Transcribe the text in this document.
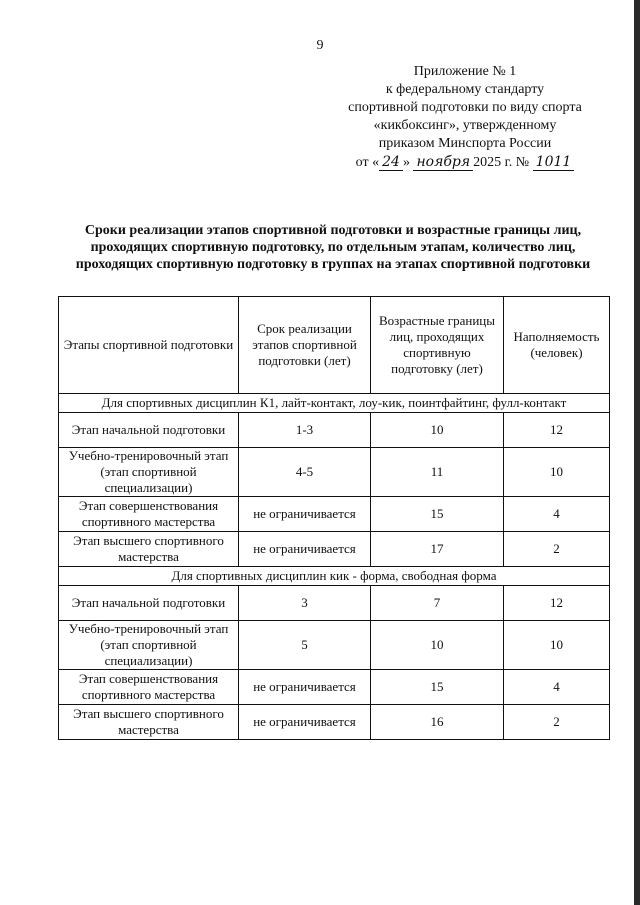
9
Приложение № 1
к федеральному стандарту
спортивной подготовки по виду спорта
«кикбоксинг», утвержденному
приказом Минспорта России
от « 24 » ноября 2025 г. № 1011
Сроки реализации этапов спортивной подготовки и возрастные границы лиц, проходящих спортивную подготовку, по отдельным этапам, количество лиц, проходящих спортивную подготовку в группах на этапах спортивной подготовки
Этапы спортивной подготовки	Срок реализации этапов спортивной подготовки (лет)	Возрастные границы лиц, проходящих спортивную подготовку (лет)	Наполняемость (человек)
Для спортивных дисциплин К1, лайт-контакт, лоу-кик, поинтфайтинг, фулл-контакт			
Этап начальной подготовки	1-3	10	12
Учебно-тренировочный этап (этап спортивной специализации)	4-5	11	10
Этап совершенствования спортивного мастерства	не ограничивается	15	4
Этап высшего спортивного мастерства	не ограничивается	17	2
Для спортивных дисциплин кик - форма, свободная форма			
Этап начальной подготовки	3	7	12
Учебно-тренировочный этап (этап спортивной специализации)	5	10	10
Этап совершенствования спортивного мастерства	не ограничивается	15	4
Этап высшего спортивного мастерства	не ограничивается	16	2
